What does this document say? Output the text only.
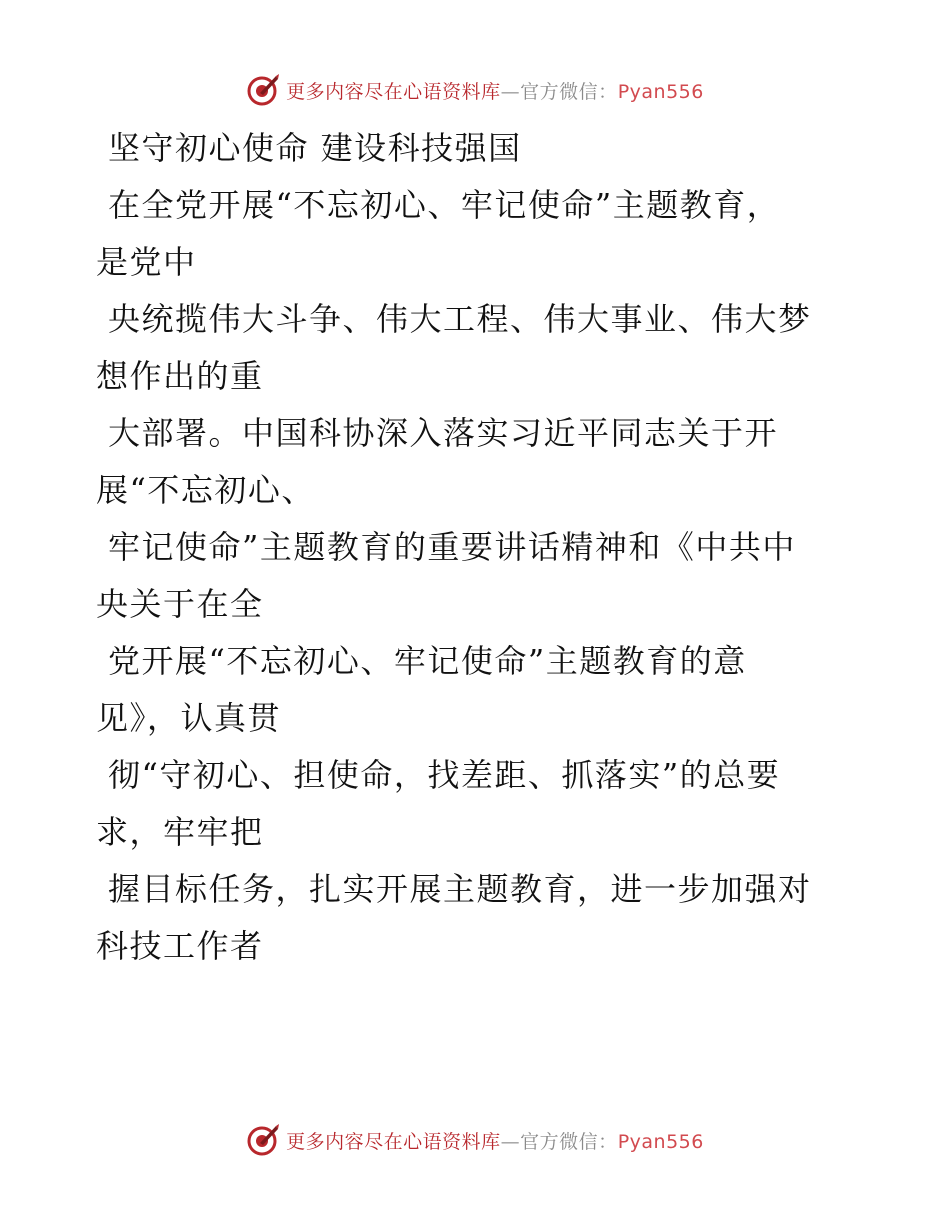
更多内容尽在心语资料库—官方微信：Pyan556
坚守初心使命 建设科技强国
在全党开展“不忘初心、牢记使命”主题教育，
是党中
央统揽伟大斗争、伟大工程、伟大事业、伟大梦
想作出的重
大部署。中国科协深入落实习近平同志关于开
展“不忘初心、
牢记使命”主题教育的重要讲话精神和《中共中
央关于在全
党开展“不忘初心、牢记使命”主题教育的意
见》，认真贯
彻“守初心、担使命，找差距、抓落实”的总要
求，牢牢把
握目标任务，扎实开展主题教育，进一步加强对
科技工作者
更多内容尽在心语资料库—官方微信：Pyan556
